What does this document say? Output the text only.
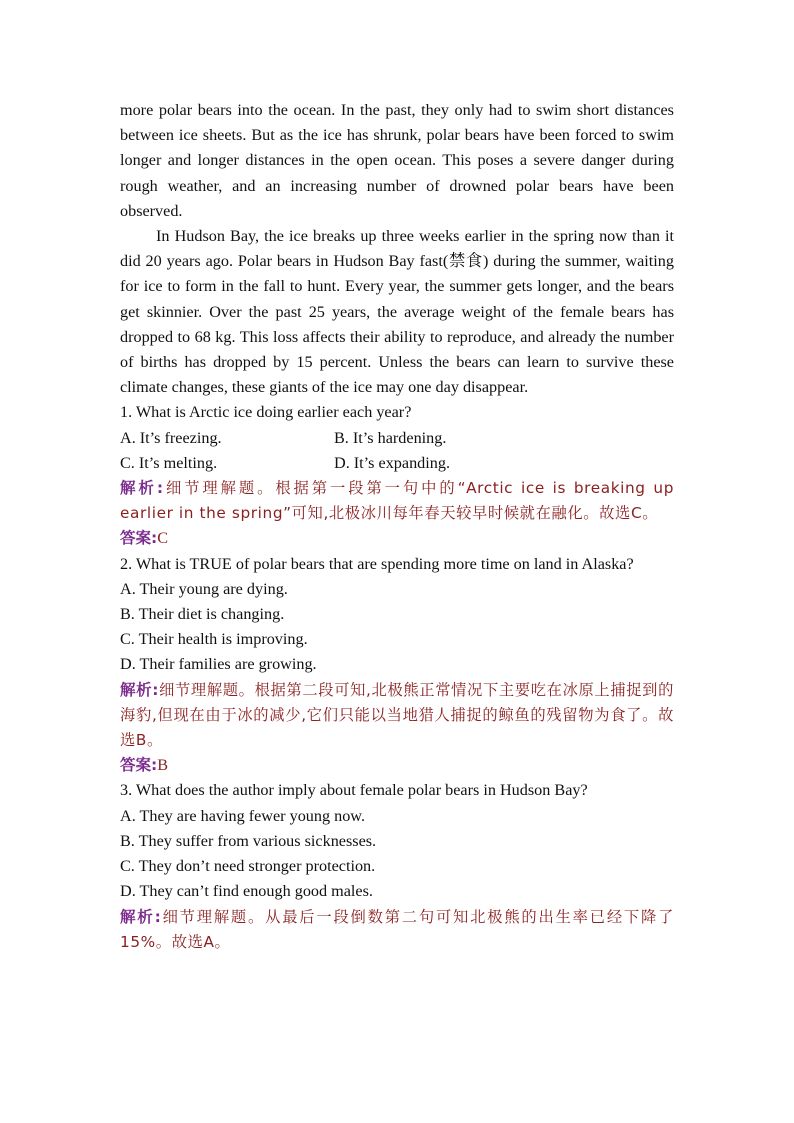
more polar bears into the ocean. In the past, they only had to swim short distances between ice sheets. But as the ice has shrunk, polar bears have been forced to swim longer and longer distances in the open ocean. This poses a severe danger during rough weather, and an increasing number of drowned polar bears have been observed.

In Hudson Bay, the ice breaks up three weeks earlier in the spring now than it did 20 years ago. Polar bears in Hudson Bay fast(禁食) during the summer, waiting for ice to form in the fall to hunt. Every year, the summer gets longer, and the bears get skinnier. Over the past 25 years, the average weight of the female bears has dropped to 68 kg. This loss affects their ability to reproduce, and already the number of births has dropped by 15 percent. Unless the bears can learn to survive these climate changes, these giants of the ice may one day disappear.

1. What is Arctic ice doing earlier each year?
A. It’s freezing.	B. It’s hardening.
C. It’s melting.	D. It’s expanding.

解析:细节理解题。根据第一段第一句中的“Arctic ice is breaking up earlier in the spring”可知,北极冰川每年春天较早时候就在融化。故选C。

答案:C

2. What is TRUE of polar bears that are spending more time on land in Alaska?

A. Their young are dying.
B. Their diet is changing.
C. Their health is improving.
D. Their families are growing.

解析:细节理解题。根据第二段可知,北极熊正常情况下主要吃在冰原上捕捉到的海豹,但现在由于冰的减少,它们只能以当地猎人捕捉的鲸鱼的残留物为食了。故选B。

答案:B
3. What does the author imply about female polar bears in Hudson Bay?
A. They are having fewer young now.
B. They suffer from various sicknesses.
C. They don’t need stronger protection.
D. They can’t find enough good males.

解析:细节理解题。从最后一段倒数第二句可知北极熊的出生率已经下降了15%。故选A。
